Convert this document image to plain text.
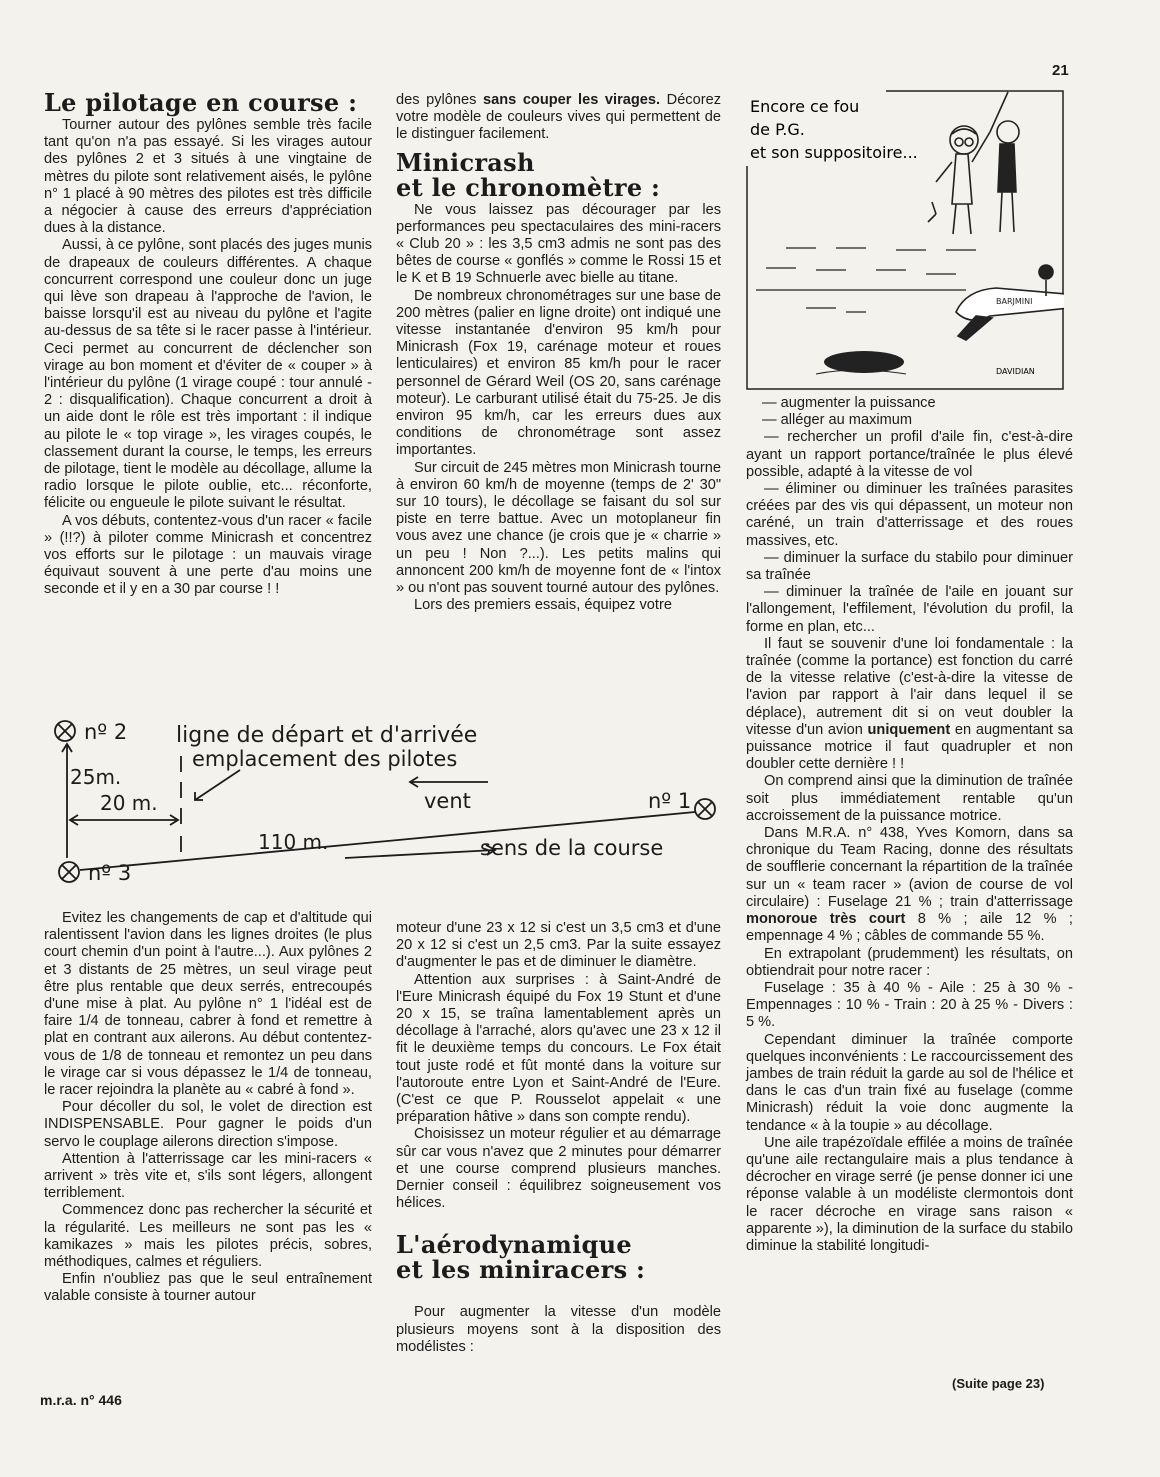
21
Le pilotage en course :

Tourner autour des pylônes semble très facile tant qu'on n'a pas essayé. Si les virages autour des pylônes 2 et 3 situés à une vingtaine de mètres du pilote sont relativement aisés, le pylône n° 1 placé à 90 mètres des pilotes est très difficile a négocier à cause des erreurs d'appréciation dues à la distance.

Aussi, à ce pylône, sont placés des juges munis de drapeaux de couleurs différentes. A chaque concurrent correspond une couleur donc un juge qui lève son drapeau à l'approche de l'avion, le baisse lorsqu'il est au niveau du pylône et l'agite au-dessus de sa tête si le racer passe à l'intérieur. Ceci permet au concurrent de déclencher son virage au bon moment et d'éviter de « couper » à l'intérieur du pylône (1 virage coupé : tour annulé - 2 : disqualification). Chaque concurrent a droit à un aide dont le rôle est très important : il indique au pilote le « top virage », les virages coupés, le classement durant la course, le temps, les erreurs de pilotage, tient le modèle au décollage, allume la radio lorsque le pilote oublie, etc... réconforte, félicite ou engueule le pilote suivant le résultat.

A vos débuts, contentez-vous d'un racer « facile » (!!?) à piloter comme Minicrash et concentrez vos efforts sur le pilotage : un mauvais virage équivaut souvent à une perte d'au moins une seconde et il y en a 30 par course ! !

des pylônes sans couper les virages. Décorez votre modèle de couleurs vives qui permettent de le distinguer facilement.

Minicrash
et le chronomètre :

Ne vous laissez pas décourager par les performances peu spectaculaires des mini-racers « Club 20 » : les 3,5 cm3 admis ne sont pas des bêtes de course « gonflés » comme le Rossi 15 et le K et B 19 Schnuerle avec bielle au titane.

De nombreux chronométrages sur une base de 200 mètres (palier en ligne droite) ont indiqué une vitesse instantanée d'environ 95 km/h pour Minicrash (Fox 19, carénage moteur et roues lenticulaires) et environ 85 km/h pour le racer personnel de Gérard Weil (OS 20, sans carénage moteur). Le carburant utilisé était du 75-25. Je dis environ 95 km/h, car les erreurs dues aux conditions de chronométrage sont assez importantes.

Sur circuit de 245 mètres mon Minicrash tourne à environ 60 km/h de moyenne (temps de 2' 30" sur 10 tours), le décollage se faisant du sol sur piste en terre battue. Avec un motoplaneur fin vous avez une chance (je crois que je « charrie » un peu ! Non ?...). Les petits malins qui annoncent 200 km/h de moyenne font de « l'intox » ou n'ont pas souvent tourné autour des pylônes.

Lors des premiers essais, équipez votre

Encore ce fou
de P.G.
et son suppositoire...
BARJMINI
DAVIDIAN

— augmenter la puissance

— alléger au maximum

— rechercher un profil d'aile fin, c'est-à-dire ayant un rapport portance/traînée le plus élevé possible, adapté à la vitesse de vol

— éliminer ou diminuer les traînées parasites créées par des vis qui dépassent, un moteur non caréné, un train d'atterrissage et des roues massives, etc.

— diminuer la surface du stabilo pour diminuer sa traînée

— diminuer la traînée de l'aile en jouant sur l'allongement, l'effilement, l'évolution du profil, la forme en plan, etc...

Il faut se souvenir d'une loi fondamentale : la traînée (comme la portance) est fonction du carré de la vitesse relative (c'est-à-dire la vitesse de l'avion par rapport à l'air dans lequel il se déplace), autrement dit si on veut doubler la vitesse d'un avion uniquement en augmentant sa puissance motrice il faut quadrupler et non doubler cette dernière ! !

On comprend ainsi que la diminution de traînée soit plus immédiatement rentable qu'un accroissement de la puissance motrice.

Dans M.R.A. n° 438, Yves Komorn, dans sa chronique du Team Racing, donne des résultats de soufflerie concernant la répartition de la traînée sur un « team racer » (avion de course de vol circulaire) : Fuselage 21 % ; train d'atterrissage monoroue très court 8 % ; aile 12 % ; empennage 4 % ; câbles de commande 55 %.

En extrapolant (prudemment) les résultats, on obtiendrait pour notre racer :

Fuselage : 35 à 40 % - Aile : 25 à 30 % - Empennages : 10 % - Train : 20 à 25 % - Divers : 5 %.

Cependant diminuer la traînée comporte quelques inconvénients : Le raccourcissement des jambes de train réduit la garde au sol de l'hélice et dans le cas d'un train fixé au fuselage (comme Minicrash) réduit la voie donc augmente la tendance « à la toupie » au décollage.

Une aile trapézoïdale effilée a moins de traînée qu'une aile rectangulaire mais a plus tendance à décrocher en virage serré (je pense donner ici une réponse valable à un modéliste clermontois dont le racer décroche en virage sans raison « apparente »), la diminution de la surface du stabilo diminue la stabilité longitudi-

nº 2
nº 3
nº 1
ligne de départ et d'arrivée
emplacement des pilotes
25m.
20 m.
110 m.
vent
sens de la course

Evitez les changements de cap et d'altitude qui ralentissent l'avion dans les lignes droites (le plus court chemin d'un point à l'autre...). Aux pylônes 2 et 3 distants de 25 mètres, un seul virage peut être plus rentable que deux serrés, entrecoupés d'une mise à plat. Au pylône n° 1 l'idéal est de faire 1/4 de tonneau, cabrer à fond et remettre à plat en contrant aux ailerons. Au début contentez-vous de 1/8 de tonneau et remontez un peu dans le virage car si vous dépassez le 1/4 de tonneau, le racer rejoindra la planète au « cabré à fond ».

Pour décoller du sol, le volet de direction est INDISPENSABLE. Pour gagner le poids d'un servo le couplage ailerons direction s'impose.

Attention à l'atterrissage car les mini-racers « arrivent » très vite et, s'ils sont légers, allongent terriblement.

Commencez donc pas rechercher la sécurité et la régularité. Les meilleurs ne sont pas les « kamikazes » mais les pilotes précis, sobres, méthodiques, calmes et réguliers.

Enfin n'oubliez pas que le seul entraînement valable consiste à tourner autour

moteur d'une 23 x 12 si c'est un 3,5 cm3 et d'une 20 x 12 si c'est un 2,5 cm3. Par la suite essayez d'augmenter le pas et de diminuer le diamètre.

Attention aux surprises : à Saint-André de l'Eure Minicrash équipé du Fox 19 Stunt et d'une 20 x 15, se traîna lamentablement après un décollage à l'arraché, alors qu'avec une 23 x 12 il fit le deuxième temps du concours. Le Fox était tout juste rodé et fût monté dans la voiture sur l'autoroute entre Lyon et Saint-André de l'Eure. (C'est ce que P. Rousselot appelait « une préparation hâtive » dans son compte rendu).

Choisissez un moteur régulier et au démarrage sûr car vous n'avez que 2 minutes pour démarrer et une course comprend plusieurs manches. Dernier conseil : équilibrez soigneusement vos hélices.

L'aérodynamique
et les miniracers :

Pour augmenter la vitesse d'un modèle plusieurs moyens sont à la disposition des modélistes :

(Suite page 23)
m.r.a. n° 446
